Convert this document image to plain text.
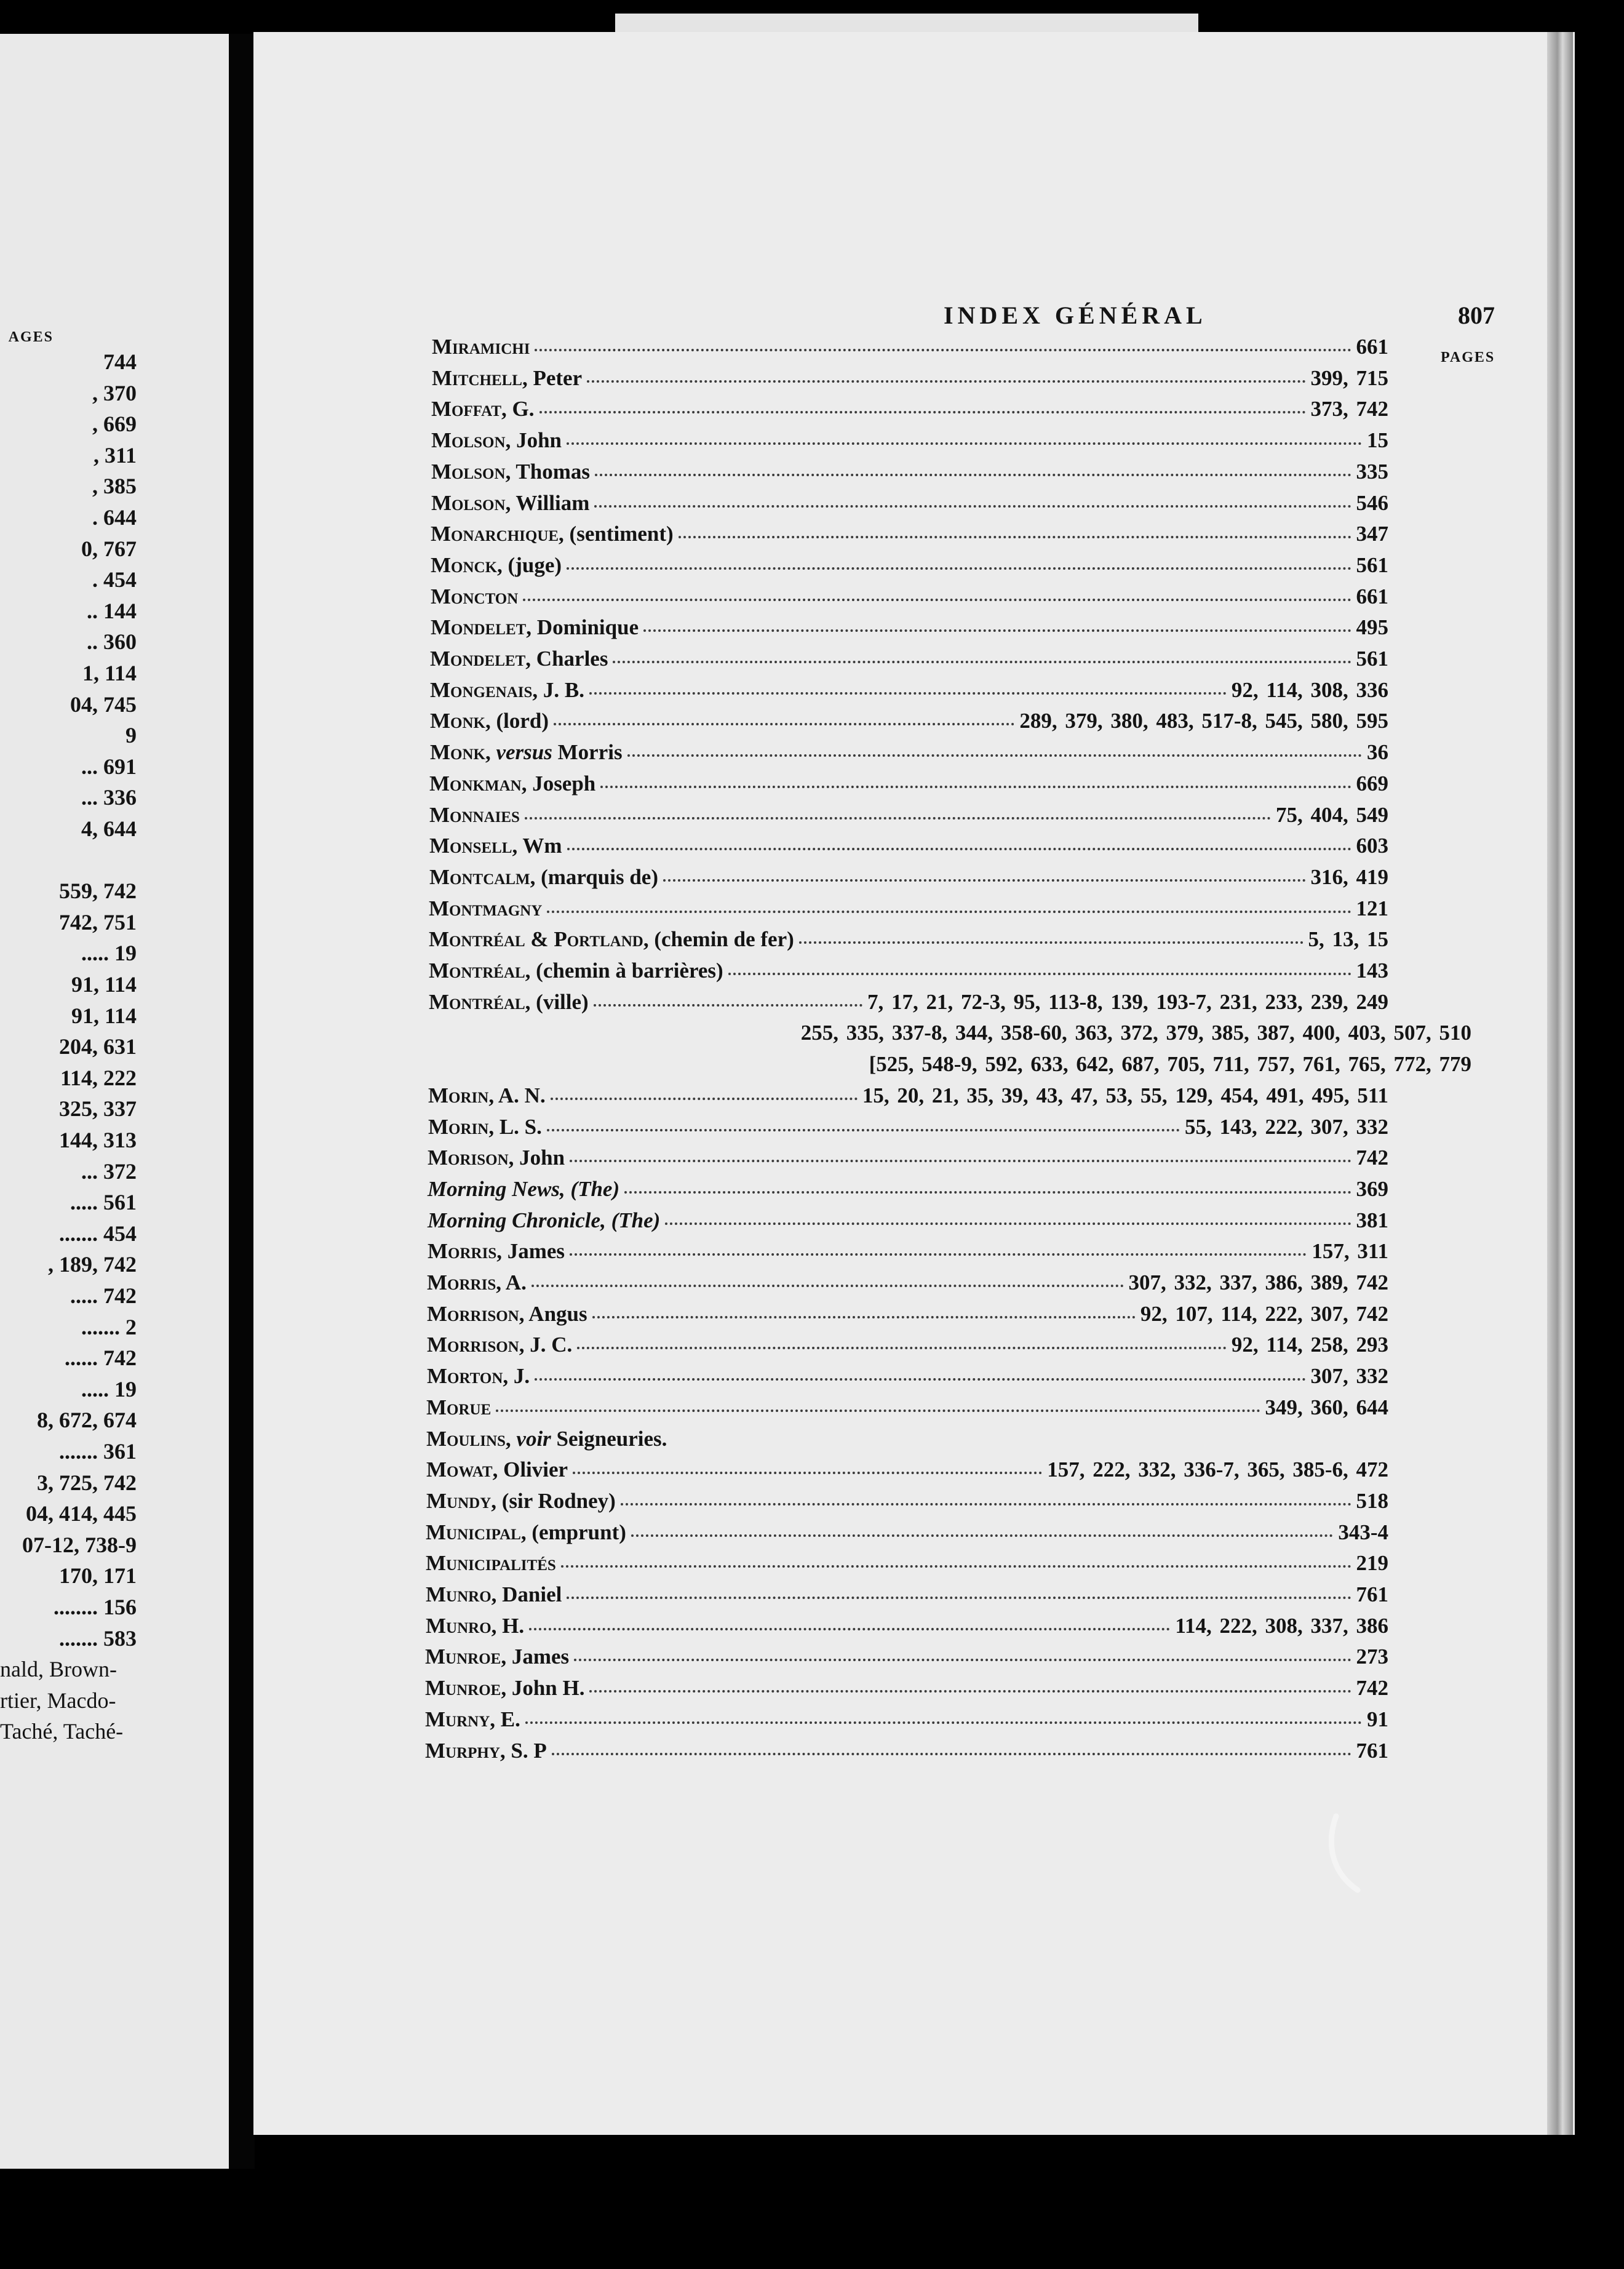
AGES
744
, 370
, 669
, 311
, 385
. 644
0, 767
. 454
.. 144
.. 360
1, 114
04, 745
9
... 691
... 336
4, 644
559, 742
742, 751
..... 19
91, 114
91, 114
204, 631
114, 222
325, 337
144, 313
... 372
..... 561
....... 454
, 189, 742
..... 742
....... 2
...... 742
..... 19
8, 672, 674
....... 361
3, 725, 742
04, 414, 445
07-12, 738-9
170, 171
........ 156
....... 583
nald, Brown-
rtier, Macdo-
Taché, Taché-
INDEX GÉNÉRAL	807
PAGES
Miramichi	661
Mitchell, Peter	399, 715
Moffat, G.	373, 742
Molson, John	15
Molson, Thomas	335
Molson, William	546
Monarchique, (sentiment)	347
Monck, (juge)	561
Moncton	661
Mondelet, Dominique	495
Mondelet, Charles	561
Mongenais, J. B.	92, 114, 308, 336
Monk, (lord)	289, 379, 380, 483, 517-8, 545, 580, 595
Monk, versus Morris	36
Monkman, Joseph	669
Monnaies	75, 404, 549
Monsell, Wm	603
Montcalm, (marquis de)	316, 419
Montmagny	121
Montréal & Portland, (chemin de fer)	5, 13, 15
Montréal, (chemin à barrières)	143
Montréal, (ville)	7, 17, 21, 72-3, 95, 113-8, 139, 193-7, 231, 233, 239, 249
255, 335, 337-8, 344, 358-60, 363, 372, 379, 385, 387, 400, 403, 507, 510
[525, 548-9, 592, 633, 642, 687, 705, 711, 757, 761, 765, 772, 779
Morin, A. N.	15, 20, 21, 35, 39, 43, 47, 53, 55, 129, 454, 491, 495, 511
Morin, L. S.	55, 143, 222, 307, 332
Morison, John	742
Morning News, (The)	369
Morning Chronicle, (The)	381
Morris, James	157, 311
Morris, A.	307, 332, 337, 386, 389, 742
Morrison, Angus	92, 107, 114, 222, 307, 742
Morrison, J. C.	92, 114, 258, 293
Morton, J.	307, 332
Morue	349, 360, 644
Moulins, voir Seigneuries.
Mowat, Olivier	157, 222, 332, 336-7, 365, 385-6, 472
Mundy, (sir Rodney)	518
Municipal, (emprunt)	343-4
Municipalités	219
Munro, Daniel	761
Munro, H.	114, 222, 308, 337, 386
Munroe, James	273
Munroe, John H.	742
Murny, E.	91
Murphy, S. P	761
